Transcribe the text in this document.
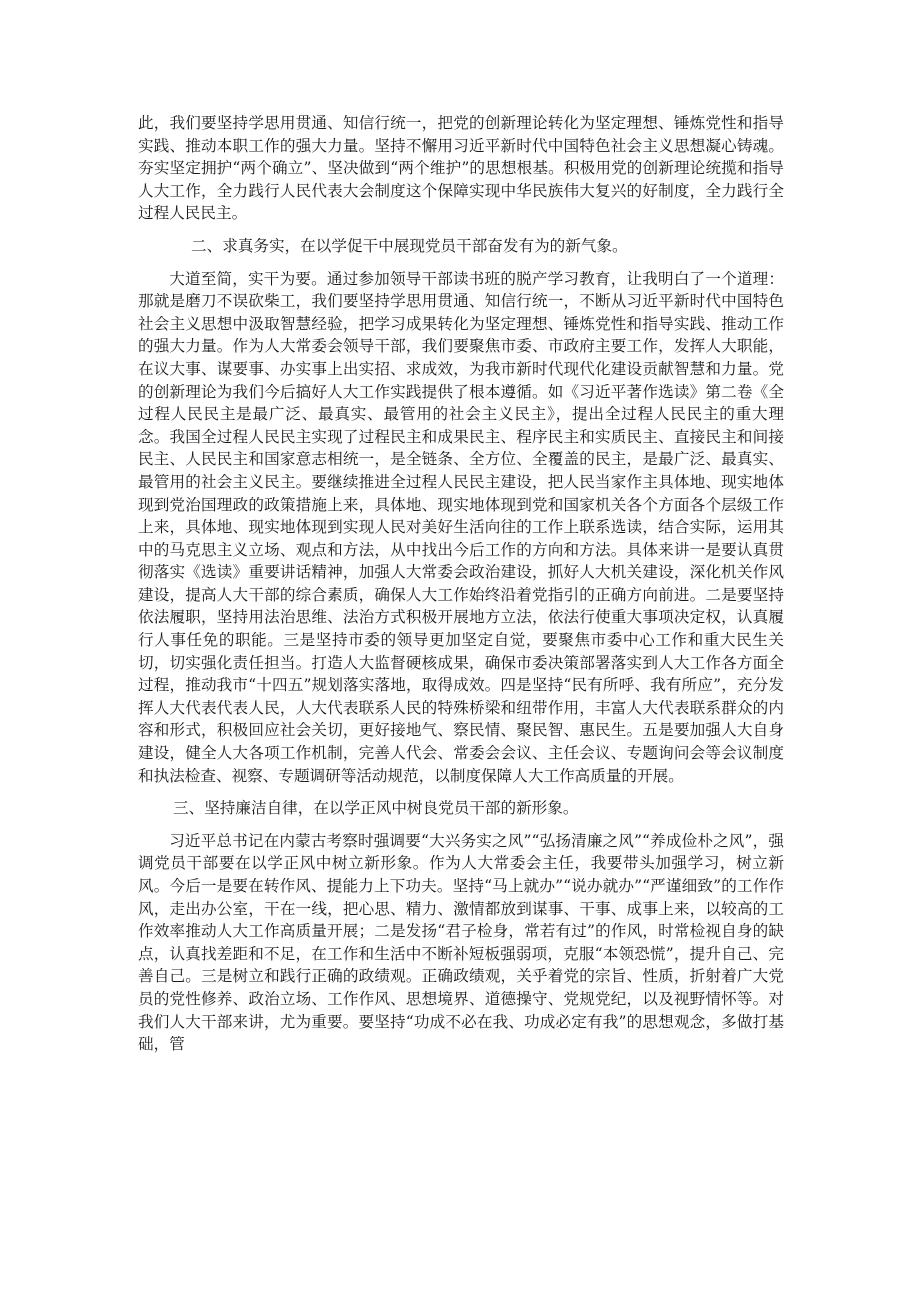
此，我们要坚持学思用贯通、知信行统一，把党的创新理论转化为坚定理想、锤炼党性和指导实践、推动本职工作的强大力量。坚持不懈用习近平新时代中国特色社会主义思想凝心铸魂。夯实坚定拥护“两个确立”、坚决做到“两个维护”的思想根基。积极用党的创新理论统揽和指导人大工作，全力践行人民代表大会制度这个保障实现中华民族伟大复兴的好制度，全力践行全过程人民民主。

二、求真务实，在以学促干中展现党员干部奋发有为的新气象。

大道至简，实干为要。通过参加领导干部读书班的脱产学习教育，让我明白了一个道理：那就是磨刀不误砍柴工，我们要坚持学思用贯通、知信行统一，不断从习近平新时代中国特色社会主义思想中汲取智慧经验，把学习成果转化为坚定理想、锤炼党性和指导实践、推动工作的强大力量。作为人大常委会领导干部，我们要聚焦市委、市政府主要工作，发挥人大职能，在议大事、谋要事、办实事上出实招、求成效，为我市新时代现代化建设贡献智慧和力量。党的创新理论为我们今后搞好人大工作实践提供了根本遵循。如《习近平著作选读》第二卷《全过程人民民主是最广泛、最真实、最管用的社会主义民主》，提出全过程人民民主的重大理念。我国全过程人民民主实现了过程民主和成果民主、程序民主和实质民主、直接民主和间接民主、人民民主和国家意志相统一，是全链条、全方位、全覆盖的民主，是最广泛、最真实、最管用的社会主义民主。要继续推进全过程人民民主建设，把人民当家作主具体地、现实地体现到党治国理政的政策措施上来，具体地、现实地体现到党和国家机关各个方面各个层级工作上来，具体地、现实地体现到实现人民对美好生活向往的工作上联系选读，结合实际，运用其中的马克思主义立场、观点和方法，从中找出今后工作的方向和方法。具体来讲一是要认真贯彻落实《选读》重要讲话精神，加强人大常委会政治建设，抓好人大机关建设，深化机关作风建设，提高人大干部的综合素质，确保人大工作始终沿着党指引的正确方向前进。二是要坚持依法履职，坚持用法治思维、法治方式积极开展地方立法，依法行使重大事项决定权，认真履行人事任免的职能。三是坚持市委的领导更加坚定自觉，要聚焦市委中心工作和重大民生关切，切实强化责任担当。打造人大监督硬核成果，确保市委决策部署落实到人大工作各方面全过程，推动我市“十四五”规划落实落地，取得成效。四是坚持“民有所呼、我有所应”，充分发挥人大代表代表人民，人大代表联系人民的特殊桥梁和纽带作用，丰富人大代表联系群众的内容和形式，积极回应社会关切，更好接地气、察民情、聚民智、惠民生。五是要加强人大自身建设，健全人大各项工作机制，完善人代会、常委会会议、主任会议、专题询问会等会议制度和执法检查、视察、专题调研等活动规范，以制度保障人大工作高质量的开展。

三、坚持廉洁自律，在以学正风中树良党员干部的新形象。

习近平总书记在内蒙古考察时强调要“大兴务实之风”“弘扬清廉之风”“养成俭朴之风”，强调党员干部要在以学正风中树立新形象。作为人大常委会主任，我要带头加强学习，树立新风。今后一是要在转作风、提能力上下功夫。坚持“马上就办”“说办就办”“严谨细致”的工作作风，走出办公室，干在一线，把心思、精力、激情都放到谋事、干事、成事上来，以较高的工作效率推动人大工作高质量开展；二是发扬“君子检身，常若有过”的作风，时常检视自身的缺点，认真找差距和不足，在工作和生活中不断补短板强弱项，克服“本领恐慌”，提升自己、完善自己。三是树立和践行正确的政绩观。正确政绩观，关乎着党的宗旨、性质，折射着广大党员的党性修养、政治立场、工作作风、思想境界、道德操守、党规党纪，以及视野情怀等。对我们人大干部来讲，尤为重要。要坚持“功成不必在我、功成必定有我”的思想观念，多做打基础，管
